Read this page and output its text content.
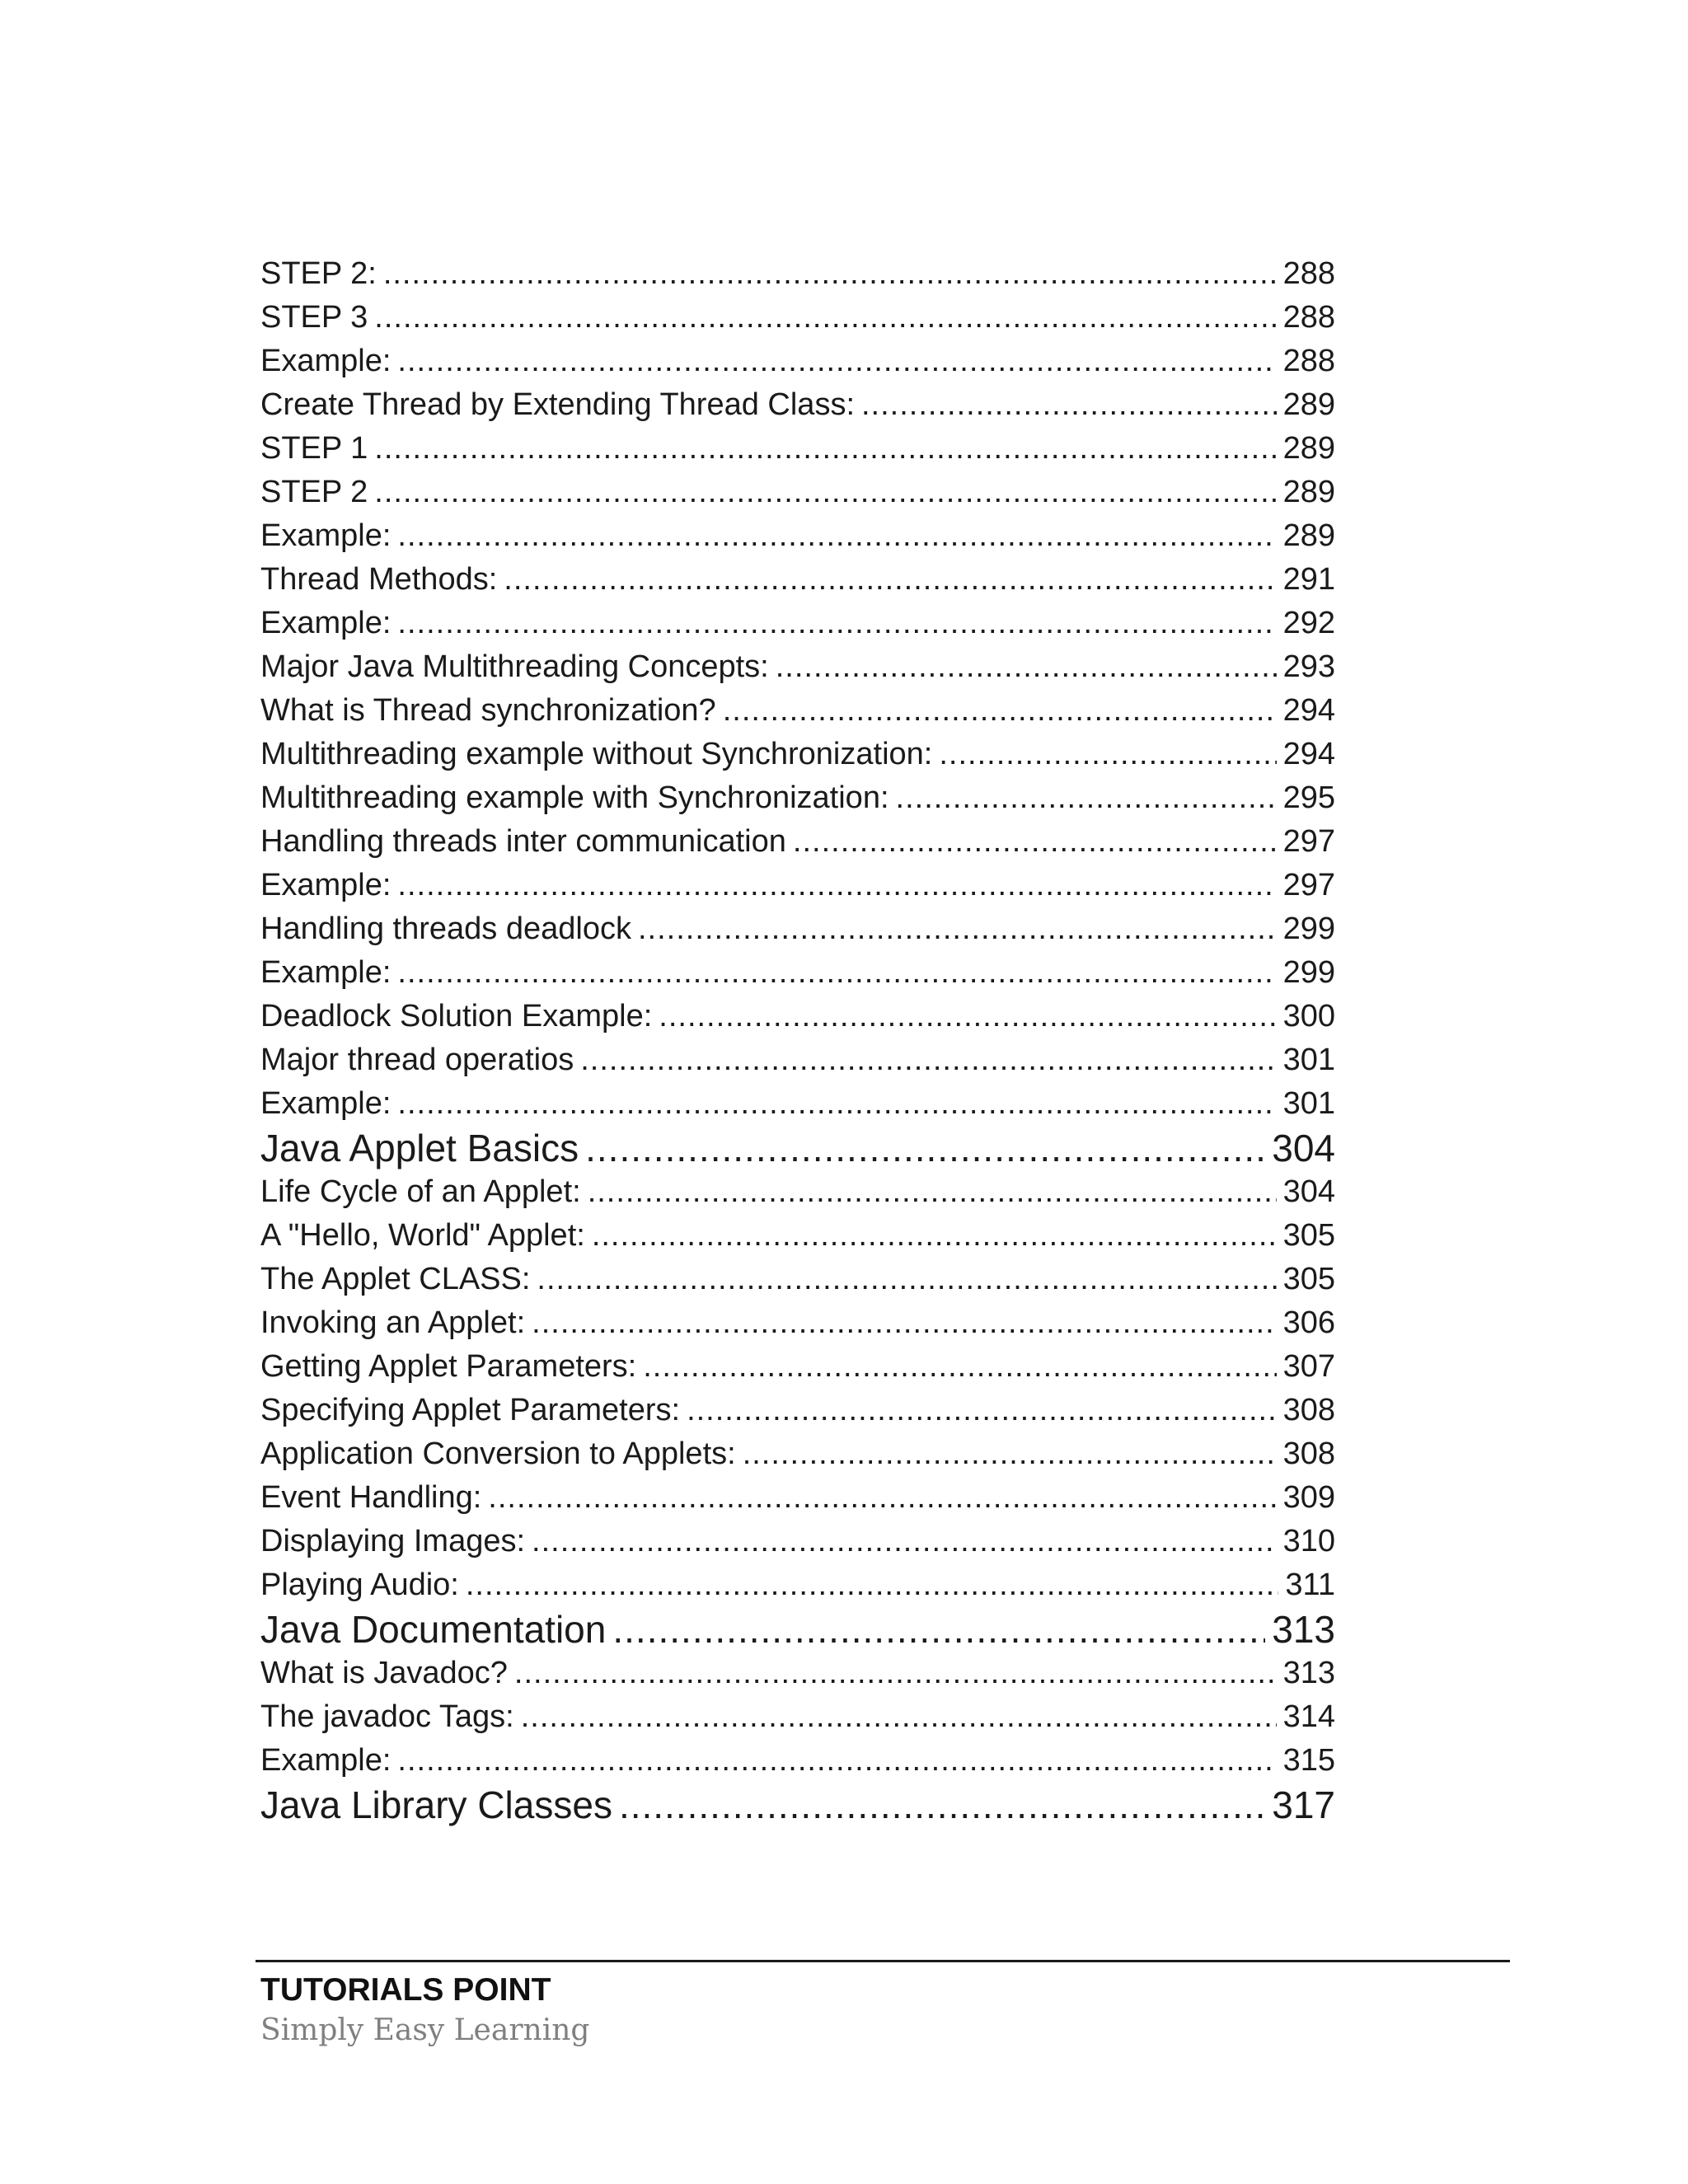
STEP 2: .....	288
STEP 3 .....	288
Example: .....	288
Create Thread by Extending Thread Class: .....	289
STEP 1 .....	289
STEP 2 .....	289
Example: .....	289
Thread Methods: .....	291
Example: .....	292
Major Java Multithreading Concepts: .....	293
What is Thread synchronization? .....	294
Multithreading example without Synchronization: .....	294
Multithreading example with Synchronization: .....	295
Handling threads inter communication .....	297
Example: .....	297
Handling threads deadlock .....	299
Example: .....	299
Deadlock Solution Example: .....	300
Major thread operatios .....	301
Example: .....	301
Java Applet Basics .....	304
Life Cycle of an Applet: .....	304
A "Hello, World" Applet: .....	305
The Applet CLASS: .....	305
Invoking an Applet: .....	306
Getting Applet Parameters: .....	307
Specifying Applet Parameters: .....	308
Application Conversion to Applets: .....	308
Event Handling: .....	309
Displaying Images: .....	310
Playing Audio: .....	311
Java Documentation .....	313
What is Javadoc? .....	313
The javadoc Tags: .....	314
Example: .....	315
Java Library Classes .....	317
TUTORIALS POINT
Simply Easy Learning
